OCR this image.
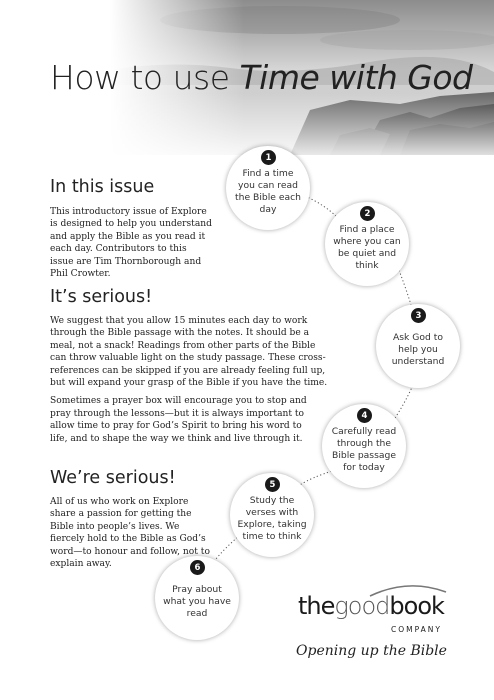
How to use Time with God
In this issue

This introductory issue of Explore is designed to help you understand and apply the Bible as you read it each day. Contributors to this issue are Tim Thornborough and Phil Crowter.

It’s serious!

We suggest that you allow 15 minutes each day to work through the Bible passage with the notes. It should be a meal, not a snack! Readings from other parts of the Bible can throw valuable light on the study passage. These cross-references can be skipped if you are already feeling full up, but will expand your grasp of the Bible if you have the time.

Sometimes a prayer box will encourage you to stop and pray through the lessons—but it is always important to allow time to pray for God’s Spirit to bring his word to life, and to shape the way we think and live through it.

We’re serious!

All of us who work on Explore share a passion for getting the Bible into people’s lives. We fiercely hold to the Bible as God’s word—to honour and follow, not to explain away.

1
Find a time you can read the Bible each day	2
Find a place where you can be quiet and think
3
Ask God to help you understand
4
Carefully read through the Bible passage for today
5
Study the verses with Explore, taking time to think
6
Pray about what you have read	thegoodbook
COMPANY
Opening up the Bible
